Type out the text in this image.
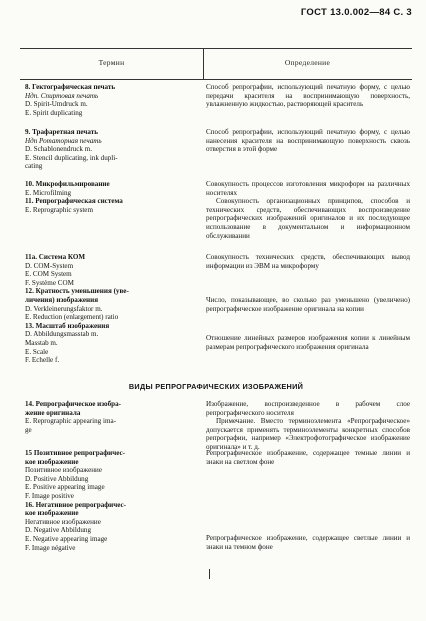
ГОСТ 13.0.002—84 С. 3
Термин	Определение
8. Гектографическая печать
Ндп. Спиртовая печать
D. Spirit-Umdruck m.
E. Spirit duplicating
9. Трафаретная печать
Ндп Ротаторная печать
D. Schablonendruck m.
E. Stencil duplicating, ink dupli-
cating
10. Микрофильмирование
E. Microfilming
11. Репрографическая система
E. Reprographic system
11а. Система КОМ
D. COM-System
E. COM System
F. Système COM
12. Кратность уменьшения (уве-
личения) изображения
D. Verkleinerungsfaktor m.
E. Reduction (enlargement) ratio
13. Масштаб изображения
D. Abbildungsmasstab m.
Masstab m.
E. Scale
F. Echelle f.
14. Репрографическое изобра-
жение оригинала
E. Reprographic appearing ima-
ge
15 Позитивное репрографичес-
кое изображение
Позитивное изображение
D. Positive Abbildung
E. Positive appearing image
F. Image positive
16. Негативное репрографичес-
кое изображение
Негативное изображение
D. Negative Abbildung
E. Negative appearing image
F. Image négative
Способ репрографии, использующий печатную форму, с целью передачи красителя на воспринимающую поверхность, увлажненную жидкостью, растворяющей краситель
Способ репрографии, использующий печатную форму, с целью нанесения красителя на воспринимающую поверхность сквозь отверстия в этой форме
Совокупность процессов изготовления микроформ на различных носителях
Совокупность организационных принципов, способов и технических средств, обеспечивающих воспроизведение репрографических изображений оригиналов и их последующее использование в документальном и информационном обслуживании
Совокупность технических средств, обеспечивающих вывод информации из ЭВМ на микроформу
Число, показывающее, во сколько раз уменьшено (увеличено) репрографическое изображение оригинала на копии
Отношение линейных размеров изображения копии к линейным размерам репрографического изображения оригинала
Изображение, воспроизведенное в рабочем слое репрографического носителя
Примечание. Вместо терминоэлемента «Репрографическое» допускается применять терминоэлементы конкретных способов репрографии, например «Электрофотографическое изображение оригинала» и т. д.
Репрографическое изображение, содержащее темные линии и знаки на светлом фоне
Репрографическое изображение, содержащее светлые линии и знаки на темном фоне
ВИДЫ РЕПРОГРАФИЧЕСКИХ ИЗОБРАЖЕНИЙ
